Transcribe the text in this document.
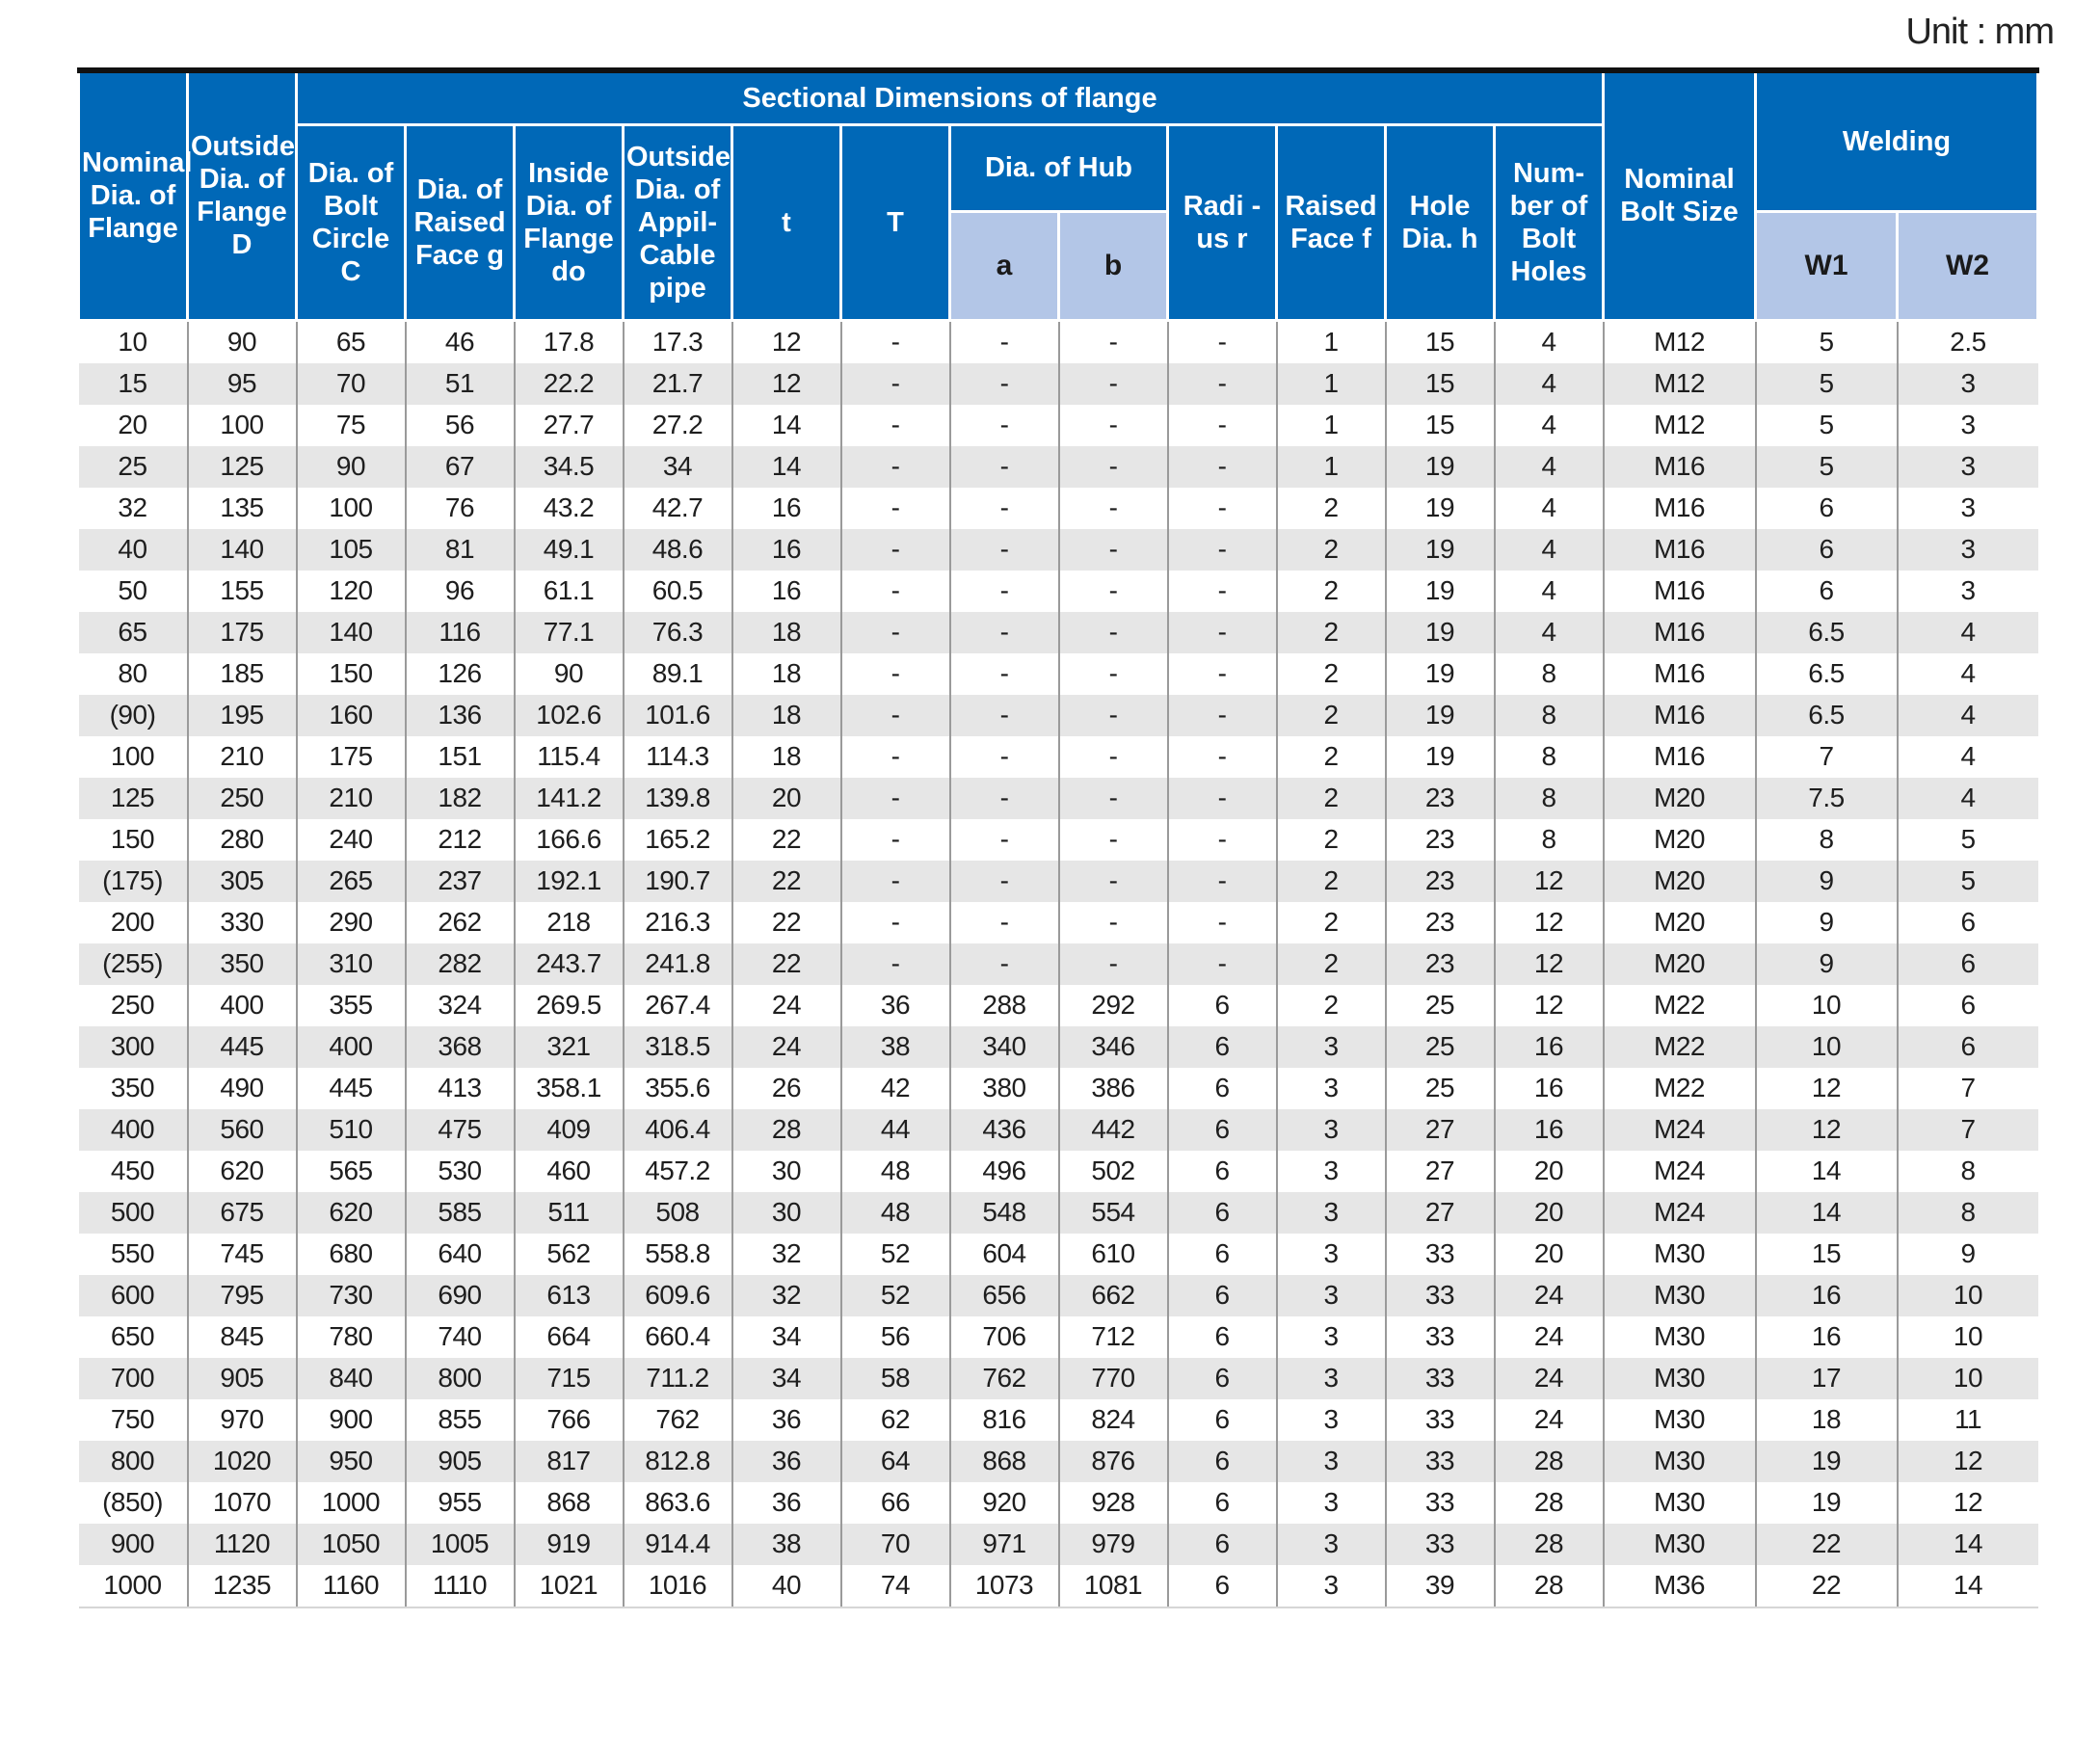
Unit : mm
Nominal Dia. of Flange	Outside Dia. of Flange D	Sectional Dimensions of flange												Nominal Bolt Size	Welding	
		Dia. of Bolt Circle C	Dia. of Raised Face g	Inside Dia. of Flange do	Outside Dia. of Appil-Cable pipe	t	T	Dia. of Hub		Radi -us r	Raised Face f	Hole Dia. h	Num-ber of Bolt Holes			
								a	b						W1	W2
10	90	65	46	17.8	17.3	12	-	-	-	-	1	15	4	M12	5	2.5
15	95	70	51	22.2	21.7	12	-	-	-	-	1	15	4	M12	5	3
20	100	75	56	27.7	27.2	14	-	-	-	-	1	15	4	M12	5	3
25	125	90	67	34.5	34	14	-	-	-	-	1	19	4	M16	5	3
32	135	100	76	43.2	42.7	16	-	-	-	-	2	19	4	M16	6	3
40	140	105	81	49.1	48.6	16	-	-	-	-	2	19	4	M16	6	3
50	155	120	96	61.1	60.5	16	-	-	-	-	2	19	4	M16	6	3
65	175	140	116	77.1	76.3	18	-	-	-	-	2	19	4	M16	6.5	4
80	185	150	126	90	89.1	18	-	-	-	-	2	19	8	M16	6.5	4
(90)	195	160	136	102.6	101.6	18	-	-	-	-	2	19	8	M16	6.5	4
100	210	175	151	115.4	114.3	18	-	-	-	-	2	19	8	M16	7	4
125	250	210	182	141.2	139.8	20	-	-	-	-	2	23	8	M20	7.5	4
150	280	240	212	166.6	165.2	22	-	-	-	-	2	23	8	M20	8	5
(175)	305	265	237	192.1	190.7	22	-	-	-	-	2	23	12	M20	9	5
200	330	290	262	218	216.3	22	-	-	-	-	2	23	12	M20	9	6
(255)	350	310	282	243.7	241.8	22	-	-	-	-	2	23	12	M20	9	6
250	400	355	324	269.5	267.4	24	36	288	292	6	2	25	12	M22	10	6
300	445	400	368	321	318.5	24	38	340	346	6	3	25	16	M22	10	6
350	490	445	413	358.1	355.6	26	42	380	386	6	3	25	16	M22	12	7
400	560	510	475	409	406.4	28	44	436	442	6	3	27	16	M24	12	7
450	620	565	530	460	457.2	30	48	496	502	6	3	27	20	M24	14	8
500	675	620	585	511	508	30	48	548	554	6	3	27	20	M24	14	8
550	745	680	640	562	558.8	32	52	604	610	6	3	33	20	M30	15	9
600	795	730	690	613	609.6	32	52	656	662	6	3	33	24	M30	16	10
650	845	780	740	664	660.4	34	56	706	712	6	3	33	24	M30	16	10
700	905	840	800	715	711.2	34	58	762	770	6	3	33	24	M30	17	10
750	970	900	855	766	762	36	62	816	824	6	3	33	24	M30	18	11
800	1020	950	905	817	812.8	36	64	868	876	6	3	33	28	M30	19	12
(850)	1070	1000	955	868	863.6	36	66	920	928	6	3	33	28	M30	19	12
900	1120	1050	1005	919	914.4	38	70	971	979	6	3	33	28	M30	22	14
1000	1235	1160	1110	1021	1016	40	74	1073	1081	6	3	39	28	M36	22	14
